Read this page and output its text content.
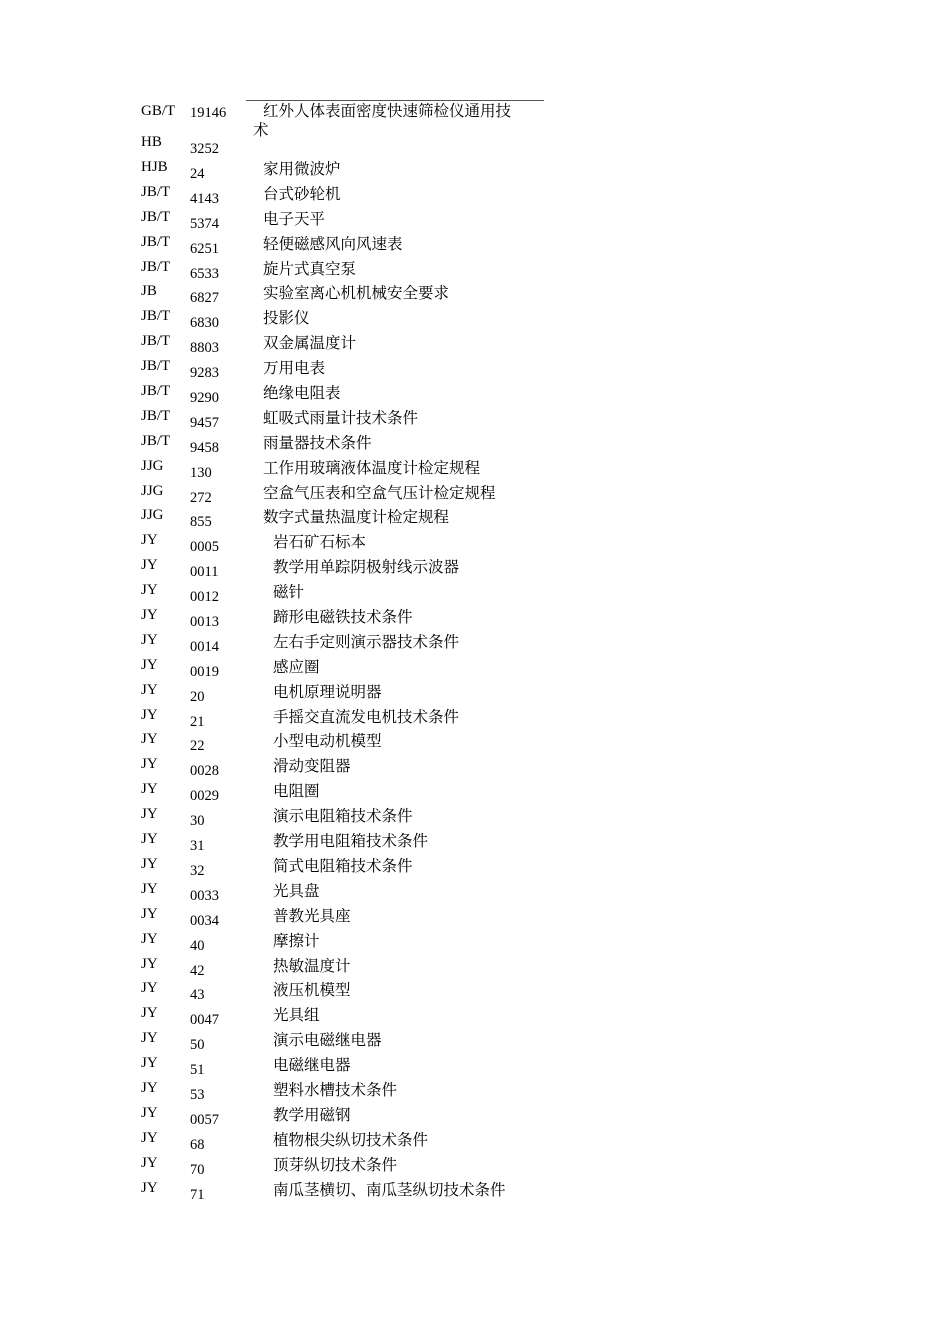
GB/T 19146 红外人体表面密度快速筛检仪通用技
术
HB 3252
HJB 24	家用微波炉
JB/T 4143	台式砂轮机
JB/T 5374	电子天平
JB/T 6251	轻便磁感风向风速表
JB/T 6533	旋片式真空泵
JB 6827	实验室离心机机械安全要求
JB/T 6830	投影仪
JB/T 8803	双金属温度计
JB/T 9283	万用电表
JB/T 9290	绝缘电阻表
JB/T 9457	虹吸式雨量计技术条件
JB/T 9458	雨量器技术条件
JJG 130	工作用玻璃液体温度计检定规程
JJG 272	空盒气压表和空盒气压计检定规程
JJG 855	数字式量热温度计检定规程
JY 0005	岩石矿石标本
JY 0011	教学用单踪阴极射线示波器
JY 0012	磁针
JY 0013	蹄形电磁铁技术条件
JY 0014	左右手定则演示器技术条件
JY 0019	感应圈
JY 20	电机原理说明器
JY 21	手摇交直流发电机技术条件
JY 22	小型电动机模型
JY 0028	滑动变阻器
JY 0029	电阻圈
JY 30	演示电阻箱技术条件
JY 31	教学用电阻箱技术条件
JY 32	简式电阻箱技术条件
JY 0033	光具盘
JY 0034	普教光具座
JY 40	摩擦计
JY 42	热敏温度计
JY 43	液压机模型
JY 0047	光具组
JY 50	演示电磁继电器
JY 51	电磁继电器
JY 53	塑料水槽技术条件
JY 0057	教学用磁钢
JY 68	植物根尖纵切技术条件
JY 70	顶芽纵切技术条件
JY 71	南瓜茎横切、南瓜茎纵切技术条件
